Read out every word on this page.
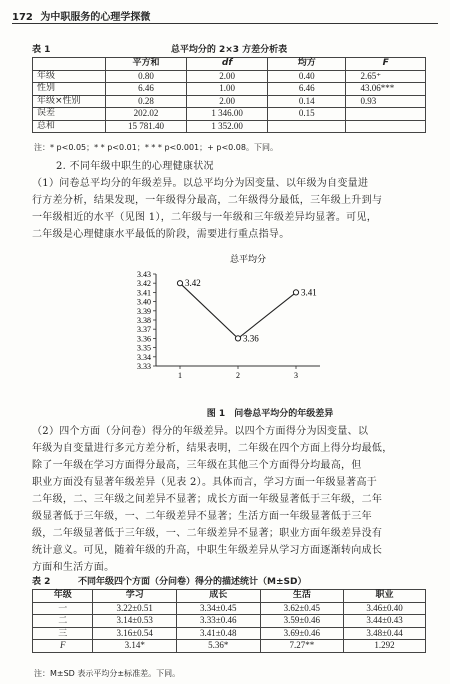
172 为中职服务的心理学探微
表 1	总平均分的 2×3 方差分析表
	平方和	df	均方	F
年级	0.80	2.00	0.40	2.65⁺
性别	6.46	1.00	6.46	43.06***
年级×性别	0.28	2.00	0.14	0.93
误差	202.02	1 346.00	0.15	
总和	15 781.40	1 352.00		
注：* p<0.05；* * p<0.01；* * * p<0.001；+ p<0.08。下同。
2. 不同年级中职生的心理健康状况
（1）问卷总平均分的年级差异。以总平均分为因变量、以年级为自变量进
行方差分析，结果发现，一年级得分最高，二年级得分最低，三年级上升到与
一年级相近的水平（见图 1），二年级与一年级和三年级差异均显著。可见，
二年级是心理健康水平最低的阶段，需要进行重点指导。
总平均分
3.43
3.42
3.41
3.40
3.39
3.38
3.37
3.36
3.35
3.34
3.33
1	2	3
3.42
3.36
3.41
图 1 问卷总平均分的年级差异
（2）四个方面（分问卷）得分的年级差异。以四个方面得分为因变量、以
年级为自变量进行多元方差分析，结果表明，二年级在四个方面上得分均最低，
除了一年级在学习方面得分最高，三年级在其他三个方面得分均最高，但
职业方面没有显著年级差异（见表 2）。具体而言，学习方面一年级显著高于
二年级，二、三年级之间差异不显著；成长方面一年级显著低于三年级，二年
级显著低于三年级，一、二年级差异不显著；生活方面一年级显著低于三年
级，二年级显著低于三年级，一、二年级差异不显著；职业方面年级差异没有
统计意义。可见，随着年级的升高，中职生年级差异从学习方面逐渐转向成长
方面和生活方面。
表 2	不同年级四个方面（分问卷）得分的描述统计（M±SD）
年级	学习	成长	生活	职业
一	3.22±0.51	3.34±0.45	3.62±0.45	3.46±0.40
二	3.14±0.53	3.33±0.46	3.59±0.46	3.44±0.43
三	3.16±0.54	3.41±0.48	3.69±0.46	3.48±0.44
F	3.14*	5.36*	7.27**	1.292
注：M±SD 表示平均分±标准差。下同。
